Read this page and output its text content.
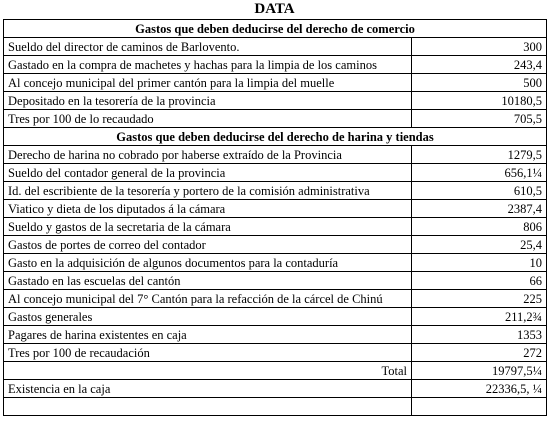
DATA
Gastos que deben deducirse del derecho de comercio	
Sueldo del director de caminos de Barlovento.	300
Gastado en la compra de machetes y hachas para la limpia de los caminos	243,4
Al concejo municipal del primer cantón para la limpia del muelle	500
Depositado en la tesorería de la provincia	10180,5
Tres por 100 de lo recaudado	705,5
Gastos que deben deducirse del derecho de harina y tiendas	
Derecho de harina no cobrado por haberse extraído de la Provincia	1279,5
Sueldo del contador general de la provincia	656,1¼
Id. del escribiente de la tesorería y portero de la comisión administrativa	610,5
Viatico y dieta de los diputados á la cámara	2387,4
Sueldo y gastos de la secretaria de la cámara	806
Gastos de portes de correo del contador	25,4
Gasto en la adquisición de algunos documentos para la contaduría	10
Gastado en las escuelas del cantón	66
Al concejo municipal del 7° Cantón para la refacción de la cárcel de Chinú	225
Gastos generales	211,2¾
Pagares de harina existentes en caja	1353
Tres por 100 de recaudación	272
Total	19797,5¼
Existencia en la caja	22336,5, ¼
